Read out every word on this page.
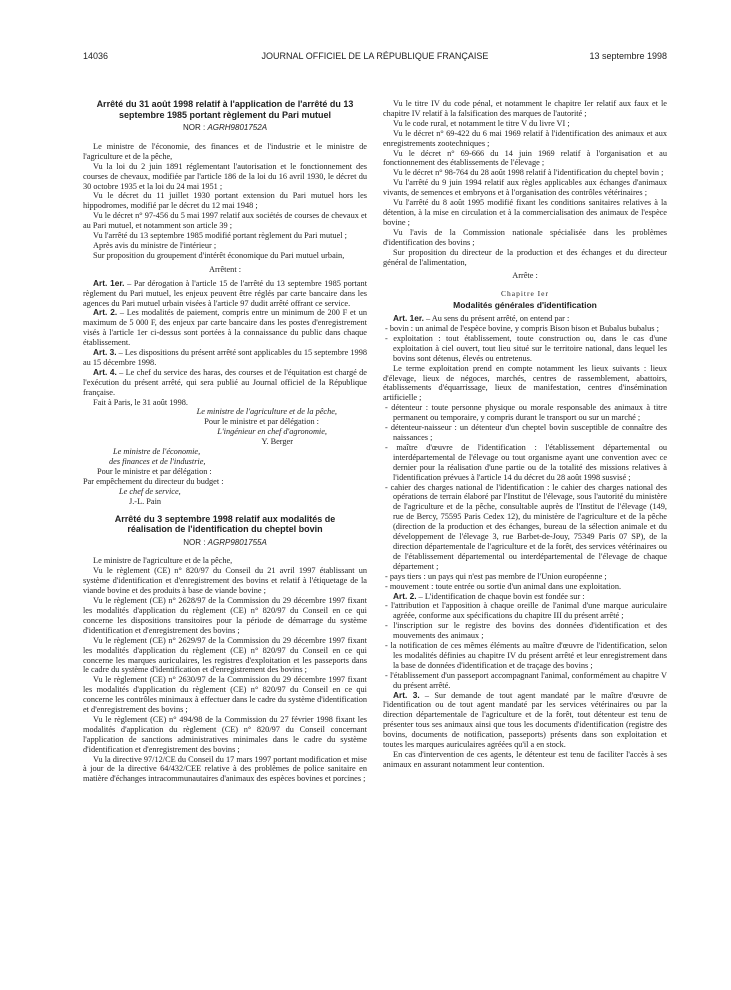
14036	JOURNAL OFFICIEL DE LA RÉPUBLIQUE FRANÇAISE	13 septembre 1998
Arrêté du 31 août 1998 relatif à l'application de l'arrêté du 13 septembre 1985 portant règlement du Pari mutuel
NOR : AGRH9801752A

Le ministre de l'économie, des finances et de l'industrie et le ministre de l'agriculture et de la pêche,

Vu la loi du 2 juin 1891 réglementant l'autorisation et le fonctionnement des courses de chevaux, modifiée par l'article 186 de la loi du 16 avril 1930, le décret du 30 octobre 1935 et la loi du 24 mai 1951 ;

Vu le décret du 11 juillet 1930 portant extension du Pari mutuel hors les hippodromes, modifié par le décret du 12 mai 1948 ;

Vu le décret n° 97-456 du 5 mai 1997 relatif aux sociétés de courses de chevaux et au Pari mutuel, et notamment son article 39 ;

Vu l'arrêté du 13 septembre 1985 modifié portant règlement du Pari mutuel ;

Après avis du ministre de l'intérieur ;

Sur proposition du groupement d'intérêt économique du Pari mutuel urbain,

Arrêtent :

Art. 1er. – Par dérogation à l'article 15 de l'arrêté du 13 septembre 1985 portant règlement du Pari mutuel, les enjeux peuvent être réglés par carte bancaire dans les agences du Pari mutuel urbain visées à l'article 97 dudit arrêté offrant ce service.

Art. 2. – Les modalités de paiement, compris entre un minimum de 200 F et un maximum de 5 000 F, des enjeux par carte bancaire dans les postes d'enregistrement visés à l'article 1er ci-dessus sont portées à la connaissance du public dans chaque établissement.

Art. 3. – Les dispositions du présent arrêté sont applicables du 15 septembre 1998 au 15 décembre 1998.

Art. 4. – Le chef du service des haras, des courses et de l'équitation est chargé de l'exécution du présent arrêté, qui sera publié au Journal officiel de la République française.

Fait à Paris, le 31 août 1998.

Le ministre de l'agriculture et de la pêche,

Pour le ministre et par délégation :

L'ingénieur en chef d'agronomie,

Y. Berger

Le ministre de l'économie,

des finances et de l'industrie,

Pour le ministre et par délégation :

Par empêchement du directeur du budget :

Le chef de service,

J.-L. Pain

Arrêté du 3 septembre 1998 relatif aux modalités de réalisation de l'identification du cheptel bovin
NOR : AGRP9801755A

Le ministre de l'agriculture et de la pêche,

Vu le règlement (CE) n° 820/97 du Conseil du 21 avril 1997 établissant un système d'identification et d'enregistrement des bovins et relatif à l'étiquetage de la viande bovine et des produits à base de viande bovine ;

Vu le règlement (CE) n° 2628/97 de la Commission du 29 décembre 1997 fixant les modalités d'application du règlement (CE) n° 820/97 du Conseil en ce qui concerne les dispositions transitoires pour la période de démarrage du système d'identification et d'enregistrement des bovins ;

Vu le règlement (CE) n° 2629/97 de la Commission du 29 décembre 1997 fixant les modalités d'application du règlement (CE) n° 820/97 du Conseil en ce qui concerne les marques auriculaires, les registres d'exploitation et les passeports dans le cadre du système d'identification et d'enregistrement des bovins ;

Vu le règlement (CE) n° 2630/97 de la Commission du 29 décembre 1997 fixant les modalités d'application du règlement (CE) n° 820/97 du Conseil en ce qui concerne les contrôles minimaux à effectuer dans le cadre du système d'identification et d'enregistrement des bovins ;

Vu le règlement (CE) n° 494/98 de la Commission du 27 février 1998 fixant les modalités d'application du règlement (CE) n° 820/97 du Conseil concernant l'application de sanctions administratives minimales dans le cadre du système d'identification et d'enregistrement des bovins ;

Vu la directive 97/12/CE du Conseil du 17 mars 1997 portant modification et mise à jour de la directive 64/432/CEE relative à des problèmes de police sanitaire en matière d'échanges intracommunautaires d'animaux des espèces bovines et porcines ;

Vu le titre IV du code pénal, et notamment le chapitre Ier relatif aux faux et le chapitre IV relatif à la falsification des marques de l'autorité ;

Vu le code rural, et notamment le titre V du livre VI ;

Vu le décret n° 69-422 du 6 mai 1969 relatif à l'identification des animaux et aux enregistrements zootechniques ;

Vu le décret n° 69-666 du 14 juin 1969 relatif à l'organisation et au fonctionnement des établissements de l'élevage ;

Vu le décret n° 98-764 du 28 août 1998 relatif à l'identification du cheptel bovin ;

Vu l'arrêté du 9 juin 1994 relatif aux règles applicables aux échanges d'animaux vivants, de semences et embryons et à l'organisation des contrôles vétérinaires ;

Vu l'arrêté du 8 août 1995 modifié fixant les conditions sanitaires relatives à la détention, à la mise en circulation et à la commercialisation des animaux de l'espèce bovine ;

Vu l'avis de la Commission nationale spécialisée dans les problèmes d'identification des bovins ;

Sur proposition du directeur de la production et des échanges et du directeur général de l'alimentation,

Arrête :

Chapitre Ier
Modalités générales d'identification

Art. 1er. – Au sens du présent arrêté, on entend par :

- bovin : un animal de l'espèce bovine, y compris Bison bison et Bubalus bubalus ;

- exploitation : tout établissement, toute construction ou, dans le cas d'une exploitation à ciel ouvert, tout lieu situé sur le territoire national, dans lequel les bovins sont détenus, élevés ou entretenus.

Le terme exploitation prend en compte notamment les lieux suivants : lieux d'élevage, lieux de négoces, marchés, centres de rassemblement, abattoirs, établissements d'équarrissage, lieux de manifestation, centres d'insémination artificielle ;

- détenteur : toute personne physique ou morale responsable des animaux à titre permanent ou temporaire, y compris durant le transport ou sur un marché ;

- détenteur-naisseur : un détenteur d'un cheptel bovin susceptible de connaître des naissances ;

- maître d'œuvre de l'identification : l'établissement départemental ou interdépartemental de l'élevage ou tout organisme ayant une convention avec ce dernier pour la réalisation d'une partie ou de la totalité des missions relatives à l'identification prévues à l'article 14 du décret du 28 août 1998 susvisé ;

- cahier des charges national de l'identification : le cahier des charges national des opérations de terrain élaboré par l'Institut de l'élevage, sous l'autorité du ministère de l'agriculture et de la pêche, consultable auprès de l'Institut de l'élevage (149, rue de Bercy, 75595 Paris Cedex 12), du ministère de l'agriculture et de la pêche (direction de la production et des échanges, bureau de la sélection animale et du développement de l'élevage 3, rue Barbet-de-Jouy, 75349 Paris 07 SP), de la direction départementale de l'agriculture et de la forêt, des services vétérinaires ou de l'établissement départemental ou interdépartemental de l'élevage de chaque département ;

- pays tiers : un pays qui n'est pas membre de l'Union européenne ;

- mouvement : toute entrée ou sortie d'un animal dans une exploitation.

Art. 2. – L'identification de chaque bovin est fondée sur :

- l'attribution et l'apposition à chaque oreille de l'animal d'une marque auriculaire agréée, conforme aux spécifications du chapitre III du présent arrêté ;

- l'inscription sur le registre des bovins des données d'identification et des mouvements des animaux ;

- la notification de ces mêmes éléments au maître d'œuvre de l'identification, selon les modalités définies au chapitre IV du présent arrêté et leur enregistrement dans la base de données d'identification et de traçage des bovins ;

- l'établissement d'un passeport accompagnant l'animal, conformément au chapitre V du présent arrêté.

Art. 3. – Sur demande de tout agent mandaté par le maître d'œuvre de l'identification ou de tout agent mandaté par les services vétérinaires ou par la direction départementale de l'agriculture et de la forêt, tout détenteur est tenu de présenter tous ses animaux ainsi que tous les documents d'identification (registre des bovins, documents de notification, passeports) présents dans son exploitation et toutes les marques auriculaires agréées qu'il a en stock.

En cas d'intervention de ces agents, le détenteur est tenu de faciliter l'accès à ses animaux en assurant notamment leur contention.
